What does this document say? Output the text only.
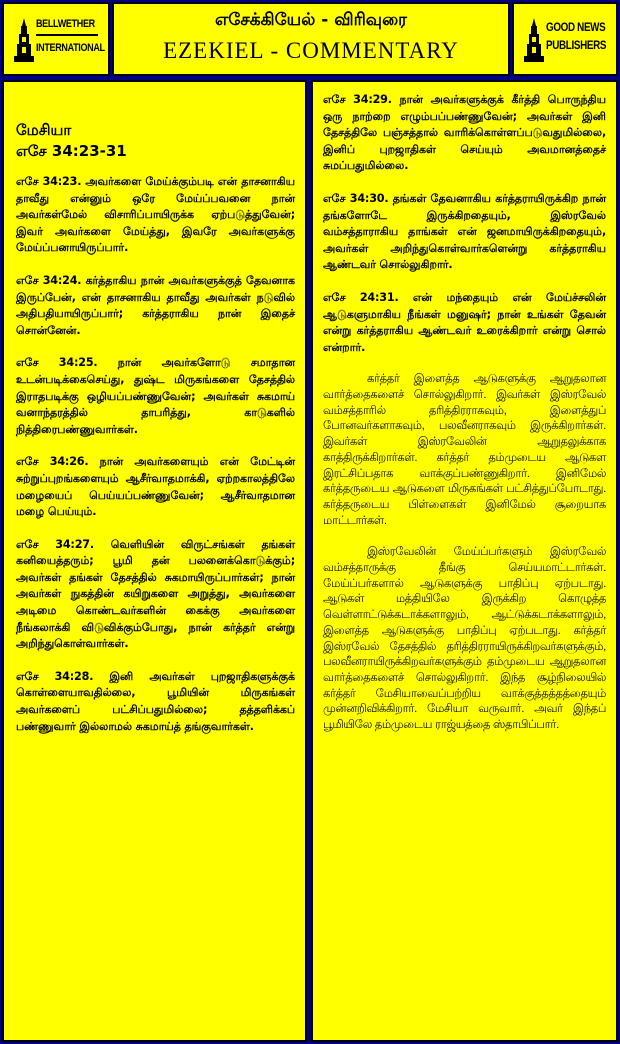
BELLWETHER
INTERNATIONAL
எசேக்கியேல் - விரிவுரை
EZEKIEL - COMMENTARY
GOOD NEWS
PUBLISHERS
மேசியா
எசே 34:23-31

எசே 34:23. அவர்களை மேய்க்கும்படி என் தாசனாகிய தாவீது என்னும் ஒரே மேய்ப்பவனை நான் அவர்கள்மேல் விசாரிப்பாயிருக்க ஏற்படுத்துவேன்; இவர் அவர்களை மேய்த்து, இவரே அவர்களுக்கு மேய்ப்பனாயிருப்பார்.

எசே 34:24. கர்த்தாகிய நான் அவர்களுக்குத் தேவனாக இருப்பேன், என் தாசனாகிய தாவீது அவர்கள் நடுவில் அதிபதியாயிருப்பார்; கர்த்தராகிய நான் இதைச் சொன்னேன்.

எசே 34:25. நான் அவர்களோடு சமாதான உடன்படிக்கைசெய்து, துஷ்ட மிருகங்களை தேசத்தில் இராதபடிக்கு ஒழியப்பண்ணுவேன்; அவர்கள் சுகமாய் வனாந்தரத்தில் தாபரித்து, காடுகளில் நித்திரைபண்ணுவார்கள்.

எசே 34:26. நான் அவர்களையும் என் மேட்டின் சுற்றுப்புறங்களையும் ஆசீர்வாதமாக்கி, ஏற்றகாலத்திலே மழையைப் பெய்யப்பண்ணுவேன்; ஆசீர்வாதமான மழை பெய்யும்.

எசே 34:27. வெளியின் விருட்சங்கள் தங்கள் கனியைத்தரும்; பூமி தன் பலனைக்கொடுக்கும்; அவர்கள் தங்கள் தேசத்தில் சுகமாயிருப்பார்கள்; நான் அவர்கள் நுகத்தின் கயிறுகளை அறுத்து, அவர்களை அடிமை கொண்டவர்களின் கைக்கு அவர்களை நீங்கலாக்கி விடுவிக்கும்போது, நான் கர்த்தர் என்று அறிந்துகொள்வார்கள்.

எசே 34:28. இனி அவர்கள் புறஜாதிகளுக்குக் கொள்ளையாவதில்லை, பூமியின் மிருகங்கள் அவர்களைப் பட்சிப்பதுமில்லை; தத்தளிக்கப் பண்ணுவார் இல்லாமல் சுகமாய்த் தங்குவார்கள்.

எசே 34:29. நான் அவர்களுக்குக் கீர்த்தி பொருந்திய ஒரு நாற்றை எழும்பப்பண்ணுவேன்; அவர்கள் இனி தேசத்திலே பஞ்சத்தால் வாரிக்கொள்ளப்படுவதுமில்லை, இனிப் புறஜாதிகள் செய்யும் அவமானத்தைச் சுமப்பதுமில்லை.

எசே 34:30. தங்கள் தேவனாகிய கர்த்தராயிருக்கிற நான் தங்களோடே இருக்கிறதையும், இஸ்ரவேல் வம்சத்தாராகிய தாங்கள் என் ஜனமாயிருக்கிறதையும், அவர்கள் அறிந்துகொள்வார்களென்று கர்த்தராகிய ஆண்டவர் சொல்லுகிறார்.

எசே 24:31. என் மந்தையும் என் மேய்ச்சலின் ஆடுகளுமாகிய நீங்கள் மனுஷர்; நான் உங்கள் தேவன் என்று கர்த்தராகிய ஆண்டவர் உரைக்கிறார் என்று சொல் என்றார்.

கர்த்தர் இளைத்த ஆடுகளுக்கு ஆறுதலான வார்த்தைகளைச் சொல்லுகிறார். இவர்கள் இஸ்ரவேல் வம்சத்தாரில் தரித்திரராகவும், இளைத்துப் போனவர்களாகவும், பலவீனராகவும் இருக்கிறார்கள். இவர்கள் இஸ்ரவேலின் ஆறுதலுக்காக காத்திருக்கிறார்கள். கர்த்தர் தம்முடைய ஆடுகள இரட்சிப்பதாக வாக்குப்பண்ணுகிறார். இனிமேல் கர்த்தருடைய ஆடுகளை மிருகங்கள் பட்சித்துப்போடாது. கர்த்தருடைய பிள்ளைகள் இனிமேல் சூறையாக மாட்டார்கள்.

இஸ்ரவேலின் மேய்ப்பர்களும் இஸ்ரவேல் வம்சத்தாருக்கு தீங்கு செய்யமாட்டார்கள். மேய்ப்பர்களால் ஆடுகளுக்கு பாதிப்பு ஏற்படாது. ஆடுகள் மத்தியிலே இருக்கிற கொழுத்த வெள்ளாட்டுக்கடாக்களாலும், ஆட்டுக்கடாக்களாலும், இளைத்த ஆடுகளுக்கு பாதிப்பு ஏற்படாது. கர்த்தர் இஸ்ரவேல் தேசத்தில் தரித்திரராயிருக்கிறவர்களுக்கும், பலவீனராயிருக்கிறவர்களுக்கும் தம்முடைய ஆறுதலான வார்த்தைகளைச் சொல்லுகிறார். இந்த சூழ்நிலையில் கர்த்தர் மேசியாவைப்பற்றிய வாக்குத்தத்தத்தையும் முன்னறிவிக்கிறார். மேசியா வருவார். அவர் இந்தப் பூமியிலே தம்முடைய ராஜ்யத்தை ஸ்தாபிப்பார்.
